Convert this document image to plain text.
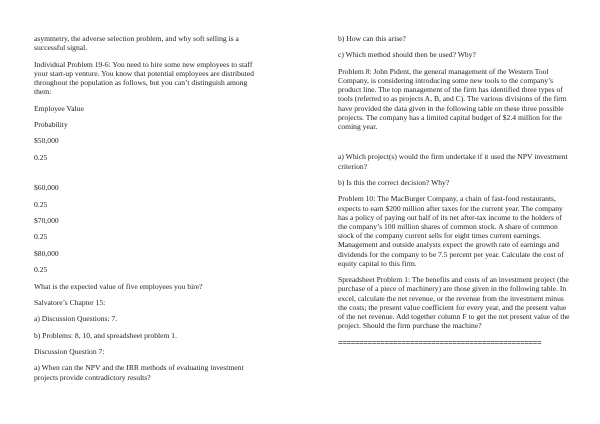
asymmetry, the adverse selection problem, and why soft selling is a successful signal.

Individual Problem 19-6: You need to hire some new employees to staff your start-up venture. You know that potential employees are distributed throughout the population as follows, but you can’t distinguish among them:

Employee Value

Probability

$50,000

0.25

$60,000

0.25

$70,000

0.25

$80,000

0.25

What is the expected value of five employees you hire?

Salvatore’s Chapter 15:

a) Discussion Questions: 7.

b) Problems: 8, 10, and spreadsheet problem 1.

Discussion Question 7:

a) When can the NPV and the IRR methods of evaluating investment projects provide contradictory results?

b) How can this arise?

c) Which method should then be used? Why?

Problem 8: John Pident, the general management of the Western Tool Company, is considering introducing some new tools to the company’s product line. The top management of the firm has identified three types of tools (referred to as projects A, B, and C). The various divisions of the firm have provided the data given in the following table on these three possible projects. The company has a limited capital budget of $2.4 million for the coming year.

a) Which project(s) would the firm undertake if it used the NPV investment criterion?

b) Is this the correct decision? Why?

Problem 10: The MacBurger Company, a chain of fast-food restaurants, expects to earn $200 million after taxes for the current year. The company has a policy of paying out half of its net after-tax income to the holders of the company’s 100 million shares of common stock. A share of common stock of the company current sells for eight times current earnings. Management and outside analysts expect the growth rate of earnings and dividends for the company to be 7.5 percent per year. Calculate the cost of equity capital to this firm.

Spreadsheet Problem 1: The benefits and costs of an investment project (the purchase of a piece of machinery) are those given in the following table. In excel, calculate the net revenue, or the revenue from the investment minus the costs; the present value coefficient for every year, and the present value of the net revenue. Add together column F to get the net present value of the project. Should the firm purchase the machine?

================================================
